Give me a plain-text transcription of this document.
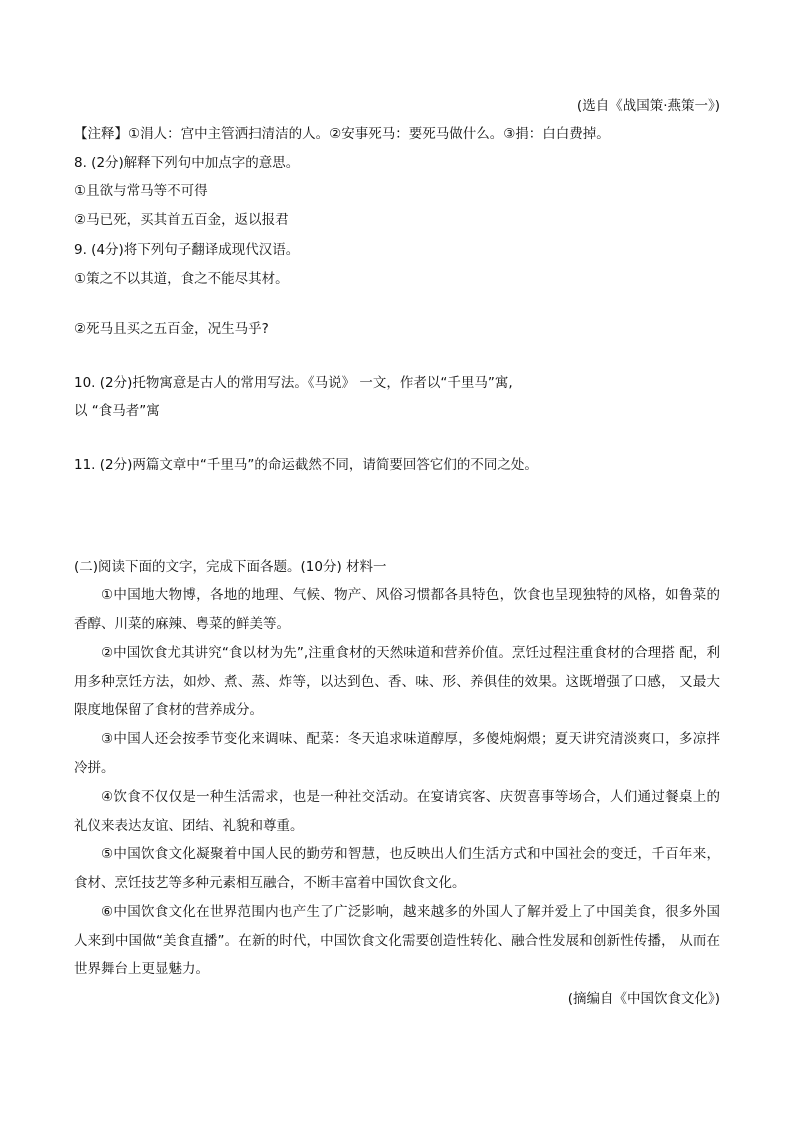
(选自《战国策·燕策一》)
【注释】①涓人：宫中主管洒扫清洁的人。②安事死马：要死马做什么。③捐：白白费掉。
8. (2分)解释下列句中加点字的意思。
①且欲与常马等不可得
②马已死，买其首五百金，返以报君
9. (4分)将下列句子翻译成现代汉语。
①策之不以其道，食之不能尽其材。
②死马且买之五百金，况生马乎?
10. (2分)托物寓意是古人的常用写法。《马说》 一文，作者以“千里马”寓,
以 “食马者”寓
11. (2分)两篇文章中“千里马”的命运截然不同，请简要回答它们的不同之处。
(二)阅读下面的文字，完成下面各题。(10分) 材料一

①中国地大物博，各地的地理、气候、物产、风俗习惯都各具特色，饮食也呈现独特的风格，如鲁菜的香醇、川菜的麻辣、粤菜的鲜美等。

②中国饮食尤其讲究“食以材为先”,注重食材的天然味道和营养价值。烹饪过程注重食材的合理搭 配，利用多种烹饪方法，如炒、煮、蒸、炸等，以达到色、香、味、形、养俱佳的效果。这既增强了口感， 又最大限度地保留了食材的营养成分。

③中国人还会按季节变化来调味、配菜：冬天追求味道醇厚，多傻炖焖煨；夏天讲究清淡爽口，多凉拌冷拼。

④饮食不仅仅是一种生活需求，也是一种社交活动。在宴请宾客、庆贺喜事等场合，人们通过餐桌上的礼仪来表达友谊、团结、礼貌和尊重。

⑤中国饮食文化凝聚着中国人民的勤劳和智慧，也反映出人们生活方式和中国社会的变迁，千百年来， 食材、烹饪技艺等多种元素相互融合，不断丰富着中国饮食文化。

⑥中国饮食文化在世界范围内也产生了广泛影响，越来越多的外国人了解并爱上了中国美食，很多外国人来到中国做“美食直播”。在新的时代，中国饮食文化需要创造性转化、融合性发展和创新性传播， 从而在世界舞台上更显魅力。

(摘编自《中国饮食文化》)
